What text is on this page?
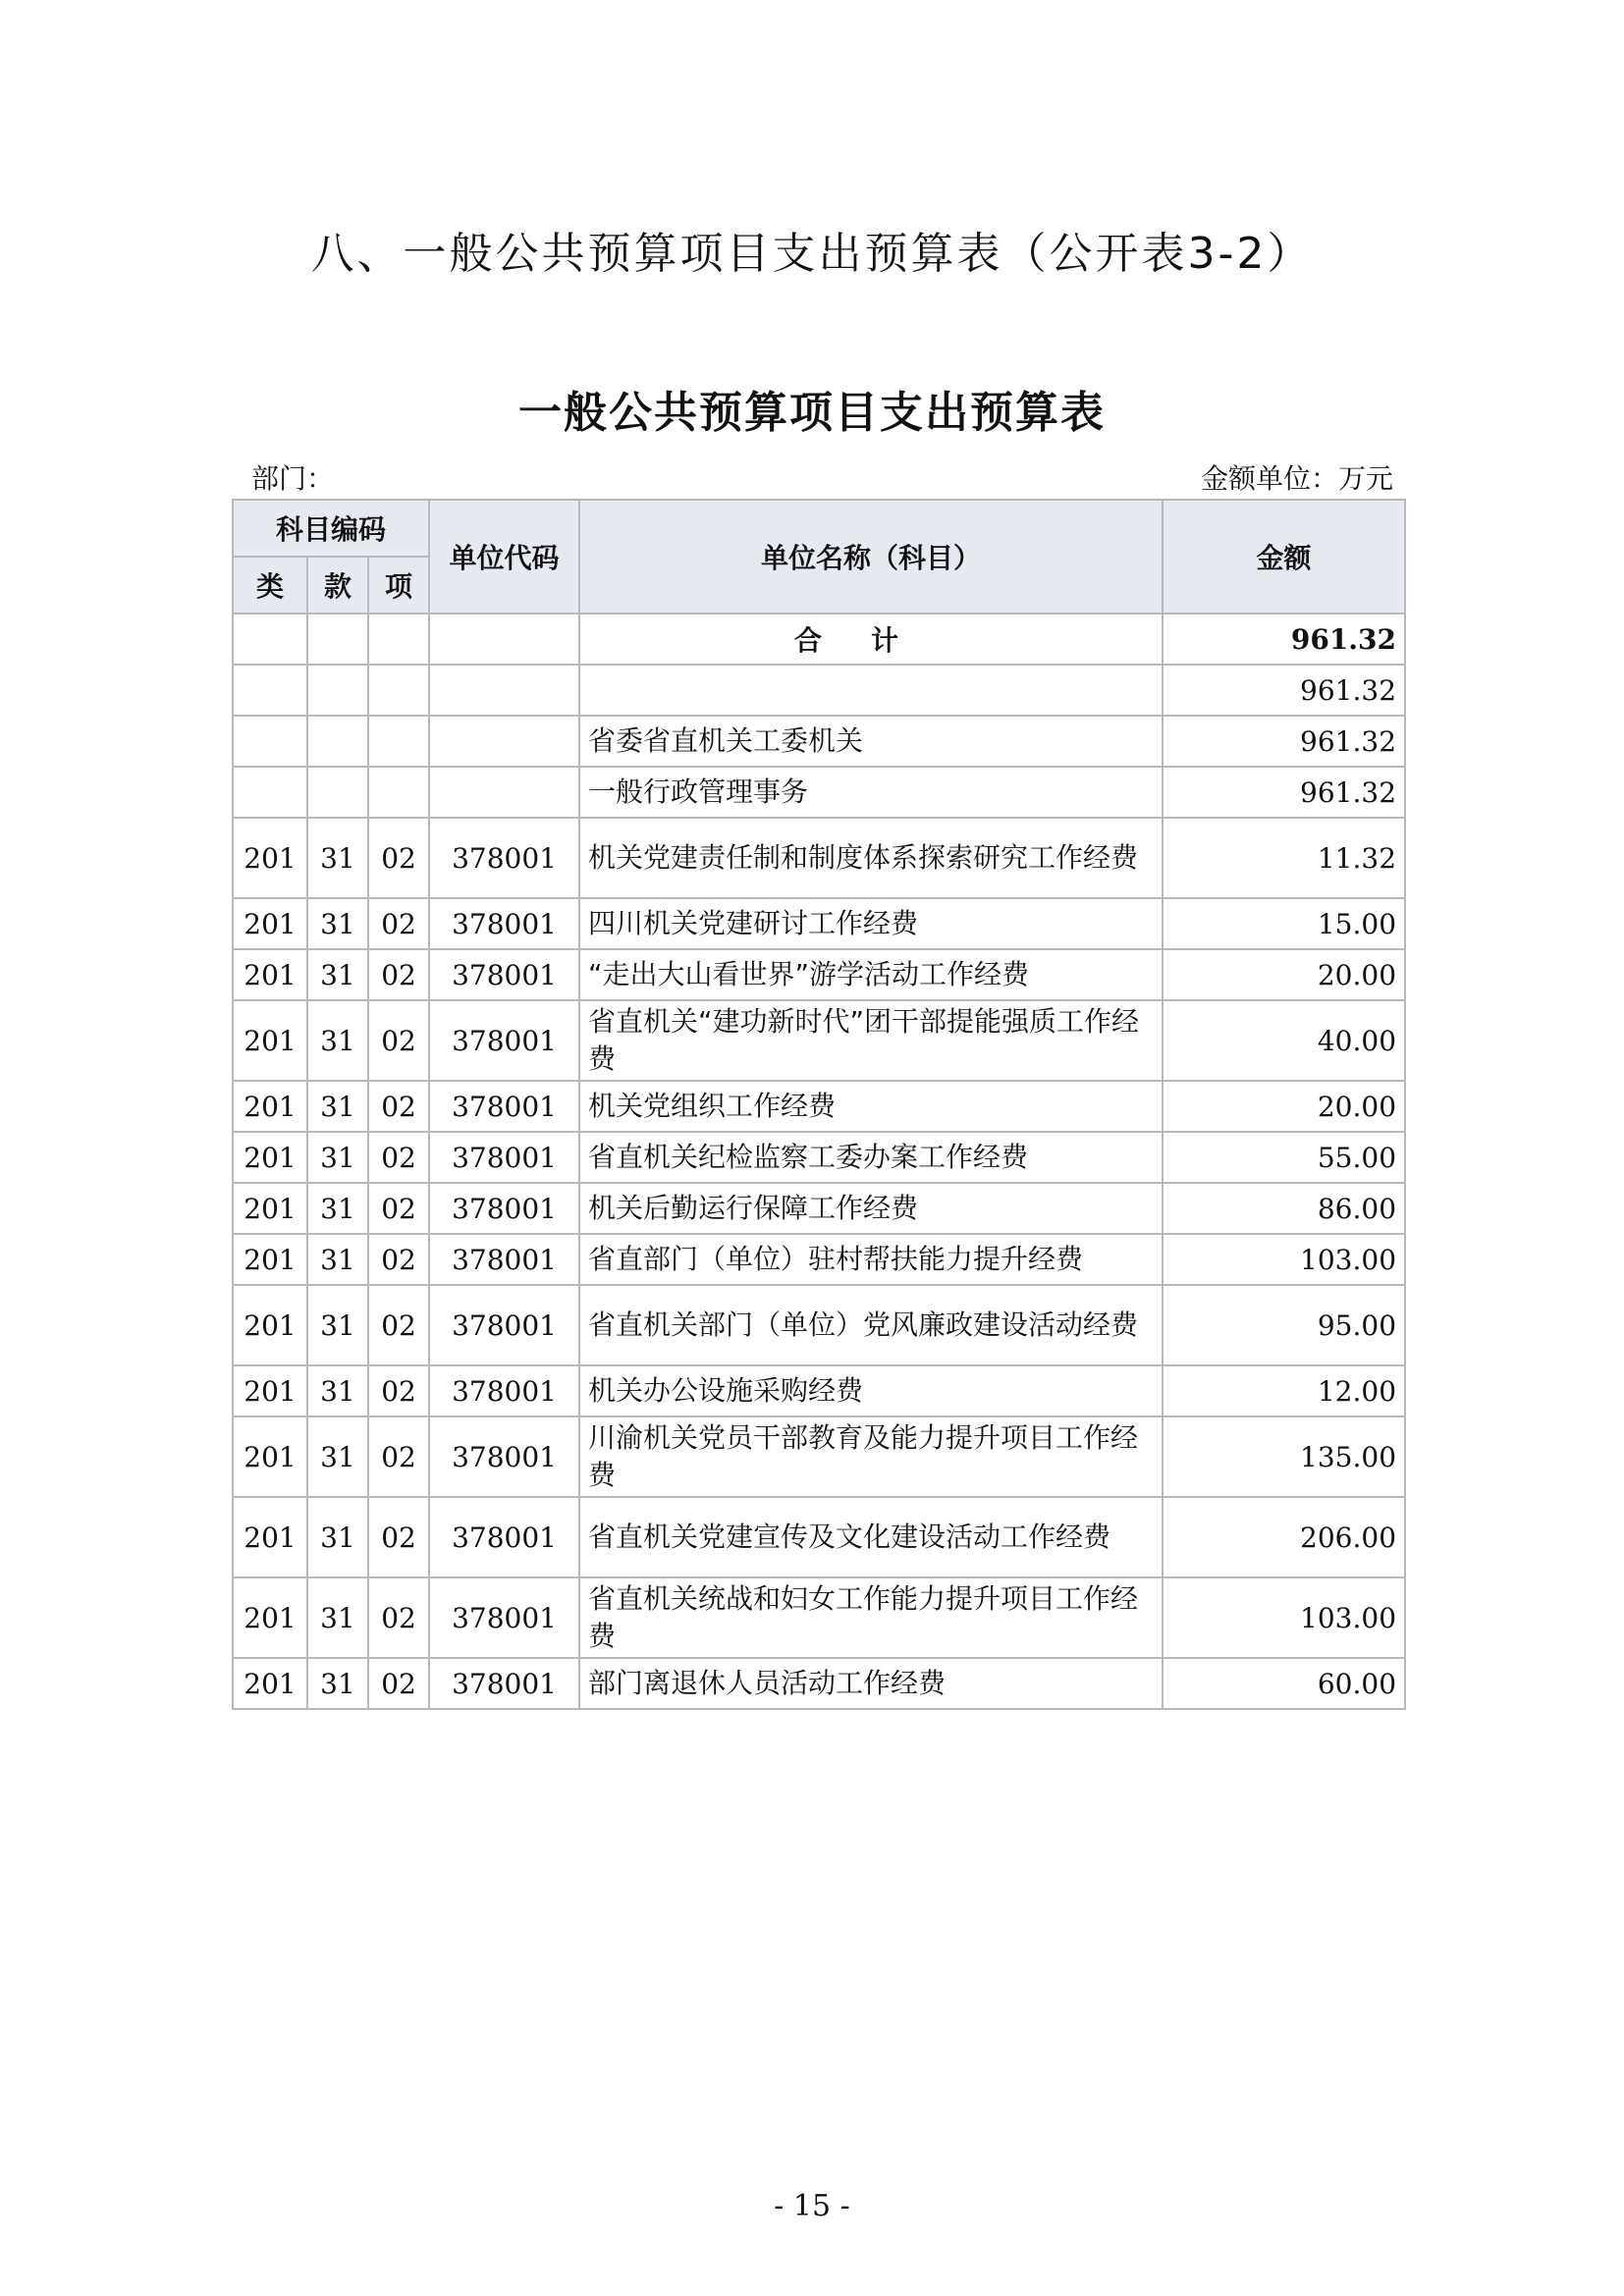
八、一般公共预算项目支出预算表（公开表3-2）
一般公共预算项目支出预算表
部门：	金额单位：万元
科目编码			单位代码	单位名称（科目）	金额
类	款	项			
				合计	961.32
					961.32
				省委省直机关工委机关	961.32
				一般行政管理事务	961.32
201	31	02	378001	机关党建责任制和制度体系探索研究工作经费	11.32
201	31	02	378001	四川机关党建研讨工作经费	15.00
201	31	02	378001	“走出大山看世界”游学活动工作经费	20.00
201	31	02	378001	省直机关“建功新时代”团干部提能强质工作经费	40.00
201	31	02	378001	机关党组织工作经费	20.00
201	31	02	378001	省直机关纪检监察工委办案工作经费	55.00
201	31	02	378001	机关后勤运行保障工作经费	86.00
201	31	02	378001	省直部门（单位）驻村帮扶能力提升经费	103.00
201	31	02	378001	省直机关部门（单位）党风廉政建设活动经费	95.00
201	31	02	378001	机关办公设施采购经费	12.00
201	31	02	378001	川渝机关党员干部教育及能力提升项目工作经费	135.00
201	31	02	378001	省直机关党建宣传及文化建设活动工作经费	206.00
201	31	02	378001	省直机关统战和妇女工作能力提升项目工作经费	103.00
201	31	02	378001	部门离退休人员活动工作经费	60.00
- 15 -
